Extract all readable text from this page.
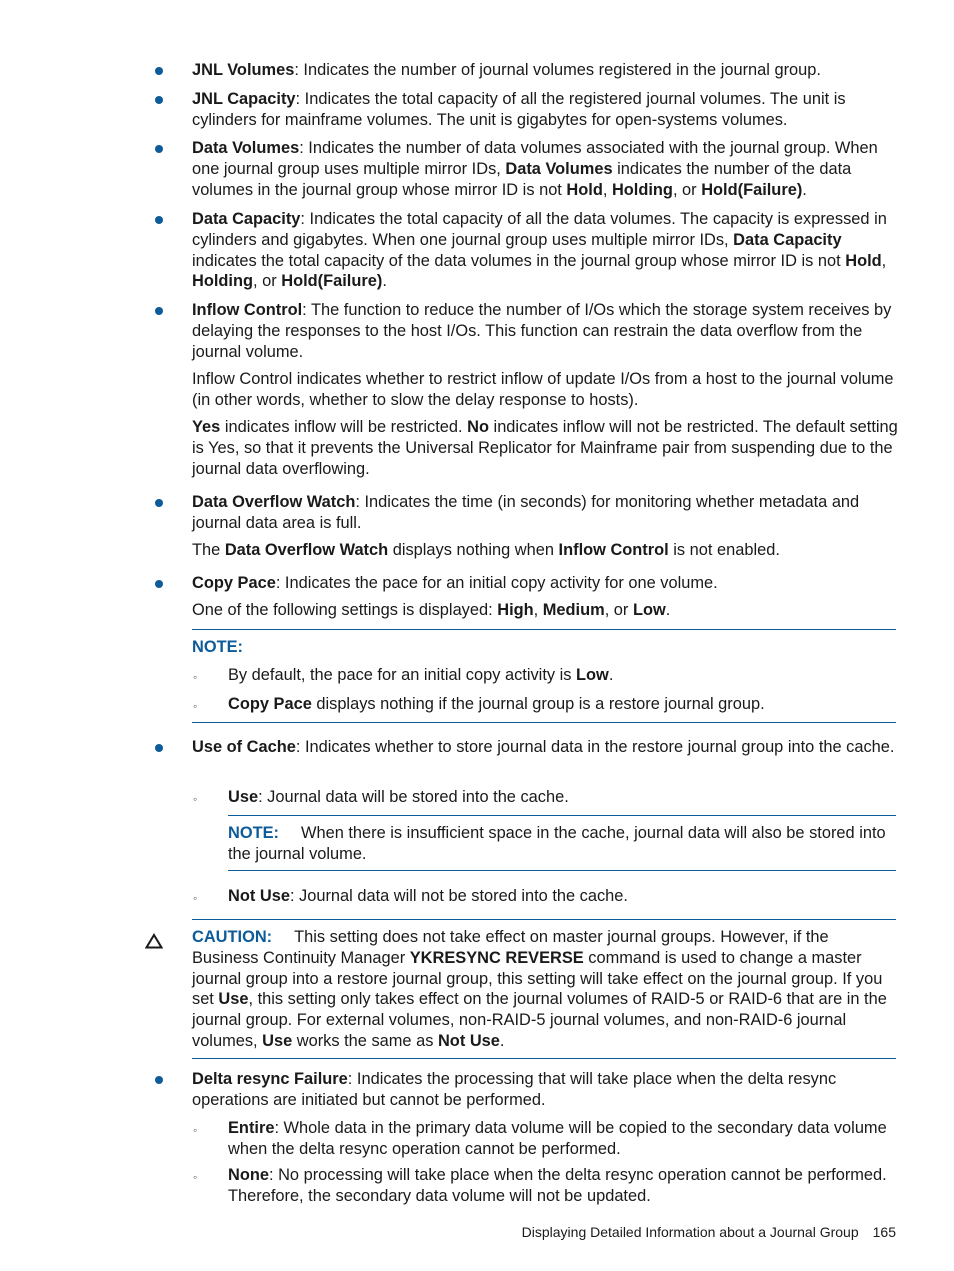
JNL Volumes: Indicates the number of journal volumes registered in the journal group.
JNL Capacity: Indicates the total capacity of all the registered journal volumes. The unit is cylinders for mainframe volumes. The unit is gigabytes for open-systems volumes.
Data Volumes: Indicates the number of data volumes associated with the journal group. When one journal group uses multiple mirror IDs, Data Volumes indicates the number of the data volumes in the journal group whose mirror ID is not Hold, Holding, or Hold(Failure).
Data Capacity: Indicates the total capacity of all the data volumes. The capacity is expressed in cylinders and gigabytes. When one journal group uses multiple mirror IDs, Data Capacity indicates the total capacity of the data volumes in the journal group whose mirror ID is not Hold, Holding, or Hold(Failure).
Inflow Control: The function to reduce the number of I/Os which the storage system receives by delaying the responses to the host I/Os. This function can restrain the data overflow from the journal volume.
Inflow Control indicates whether to restrict inflow of update I/Os from a host to the journal volume (in other words, whether to slow the delay response to hosts).
Yes indicates inflow will be restricted. No indicates inflow will not be restricted. The default setting is Yes, so that it prevents the Universal Replicator for Mainframe pair from suspending due to the journal data overflowing.
Data Overflow Watch: Indicates the time (in seconds) for monitoring whether metadata and journal data area is full.
The Data Overflow Watch displays nothing when Inflow Control is not enabled.
Copy Pace: Indicates the pace for an initial copy activity for one volume.
One of the following settings is displayed: High, Medium, or Low.
NOTE:
◦ By default, the pace for an initial copy activity is Low.
◦ Copy Pace displays nothing if the journal group is a restore journal group.
Use of Cache: Indicates whether to store journal data in the restore journal group into the cache.
◦ Use: Journal data will be stored into the cache.
NOTE: When there is insufficient space in the cache, journal data will also be stored into the journal volume.
◦ Not Use: Journal data will not be stored into the cache.
CAUTION: This setting does not take effect on master journal groups. However, if the Business Continuity Manager YKRESYNC REVERSE command is used to change a master journal group into a restore journal group, this setting will take effect on the journal group. If you set Use, this setting only takes effect on the journal volumes of RAID-5 or RAID-6 that are in the journal group. For external volumes, non-RAID-5 journal volumes, and non-RAID-6 journal volumes, Use works the same as Not Use.
Delta resync Failure: Indicates the processing that will take place when the delta resync operations are initiated but cannot be performed.
◦ Entire: Whole data in the primary data volume will be copied to the secondary data volume when the delta resync operation cannot be performed.
◦ None: No processing will take place when the delta resync operation cannot be performed. Therefore, the secondary data volume will not be updated.
Displaying Detailed Information about a Journal Group 165
